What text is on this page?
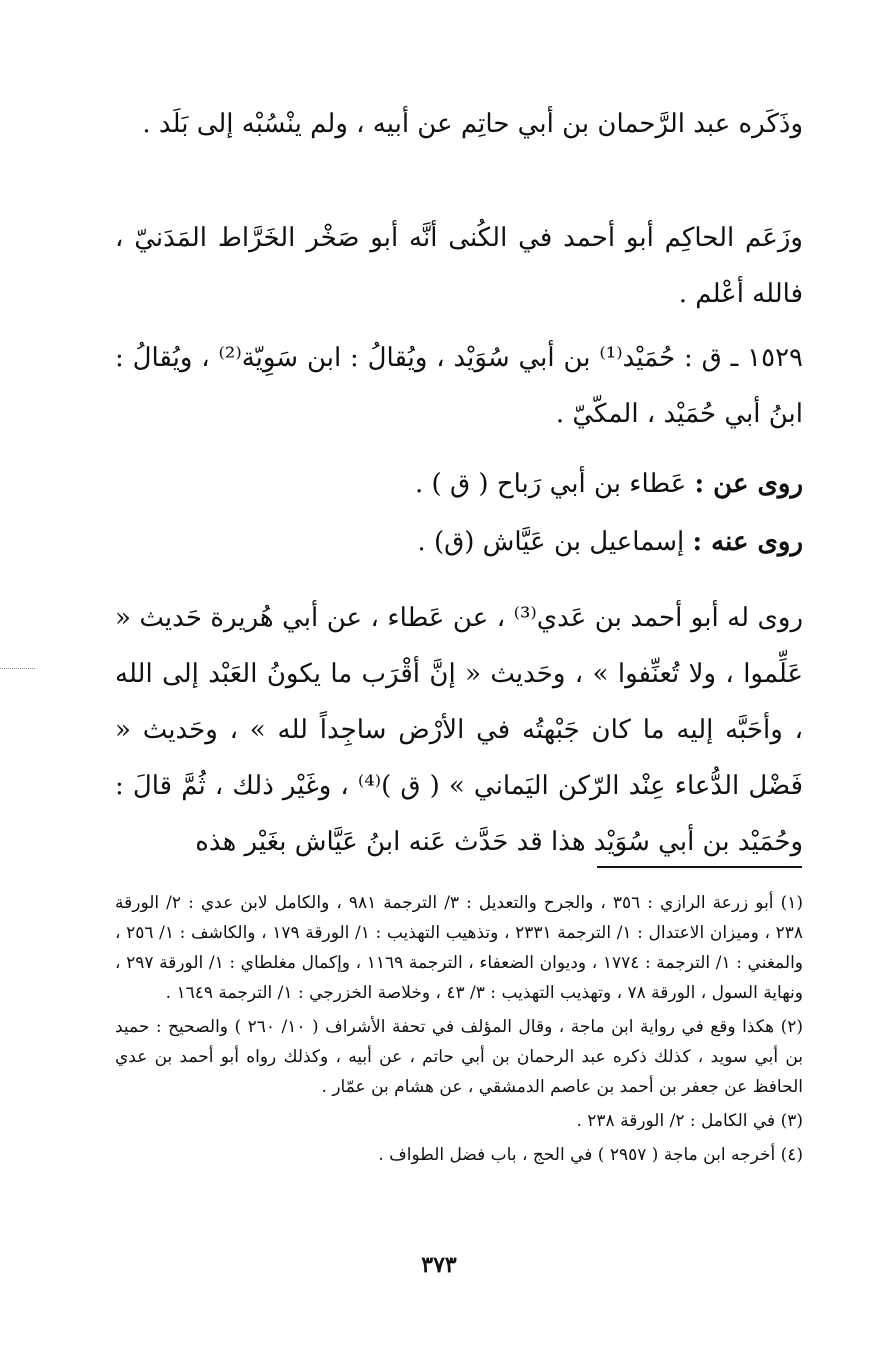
وذَكَره عبد الرَّحمان بن أبي حاتِم عن أبيه ، ولم ينْسُبْه إلى بَلَد .
وزَعَم الحاكِم أبو أحمد في الكُنى أنَّه أبو صَخْر الخَرَّاط المَدَنيّ ، فالله أعْلم .
١٥٢٩ ـ ق : حُمَيْد⁽¹⁾ بن أبي سُوَيْد ، ويُقالُ : ابن سَوِيّة⁽²⁾ ، ويُقالُ : ابنُ أبي حُمَيْد ، المكّيّ .
روى عن : عَطاء بن أبي رَباح ( ق ) .
روى عنه : إسماعيل بن عَيَّاش (ق) .
روى له أبو أحمد بن عَدي⁽³⁾ ، عن عَطاء ، عن أبي هُريرة حَديث « عَلِّموا ، ولا تُعنِّفوا » ، وحَديث « إنَّ أقْرَب ما يكونُ العَبْد إلى الله ، وأحَبَّه إليه ما كان جَبْهتُه في الأرْض ساجِداً لله » ، وحَديث « فَضْل الدُّعاء عِنْد الرّكن اليَماني » ( ق )⁽⁴⁾ ، وغَيْر ذلك ، ثُمَّ قالَ : وحُمَيْد بن أبي سُوَيْد هذا قد حَدَّث عَنه ابنُ عَيَّاش بغَيْر هذه

(١) أبو زرعة الرازي : ٣٥٦ ، والجرح والتعديل : ٣/ الترجمة ٩٨١ ، والكامل لابن عدي : ٢/ الورقة ٢٣٨ ، وميزان الاعتدال : ١/ الترجمة ٢٣٣١ ، وتذهيب التهذيب : ١/ الورقة ١٧٩ ، والكاشف : ١/ ٢٥٦ ، والمغني : ١/ الترجمة : ١٧٧٤ ، وديوان الضعفاء ، الترجمة ١١٦٩ ، وإكمال مغلطاي : ١/ الورقة ٢٩٧ ، ونهاية السول ، الورقة ٧٨ ، وتهذيب التهذيب : ٣/ ٤٣ ، وخلاصة الخزرجي : ١/ الترجمة ١٦٤٩ .

(٢) هكذا وقع في رواية ابن ماجة ، وقال المؤلف في تحفة الأشراف ( ١٠/ ٢٦٠ ) والصحيح : حميد بن أبي سويد ، كذلك ذكره عبد الرحمان بن أبي حاتم ، عن أبيه ، وكذلك رواه أبو أحمد بن عدي الحافظ عن جعفر بن أحمد بن عاصم الدمشقي ، عن هشام بن عمّار .

(٣) في الكامل : ٢/ الورقة ٢٣٨ .

(٤) أخرجه ابن ماجة ( ٢٩٥٧ ) في الحج ، باب فضل الطواف .

٣٧٣
